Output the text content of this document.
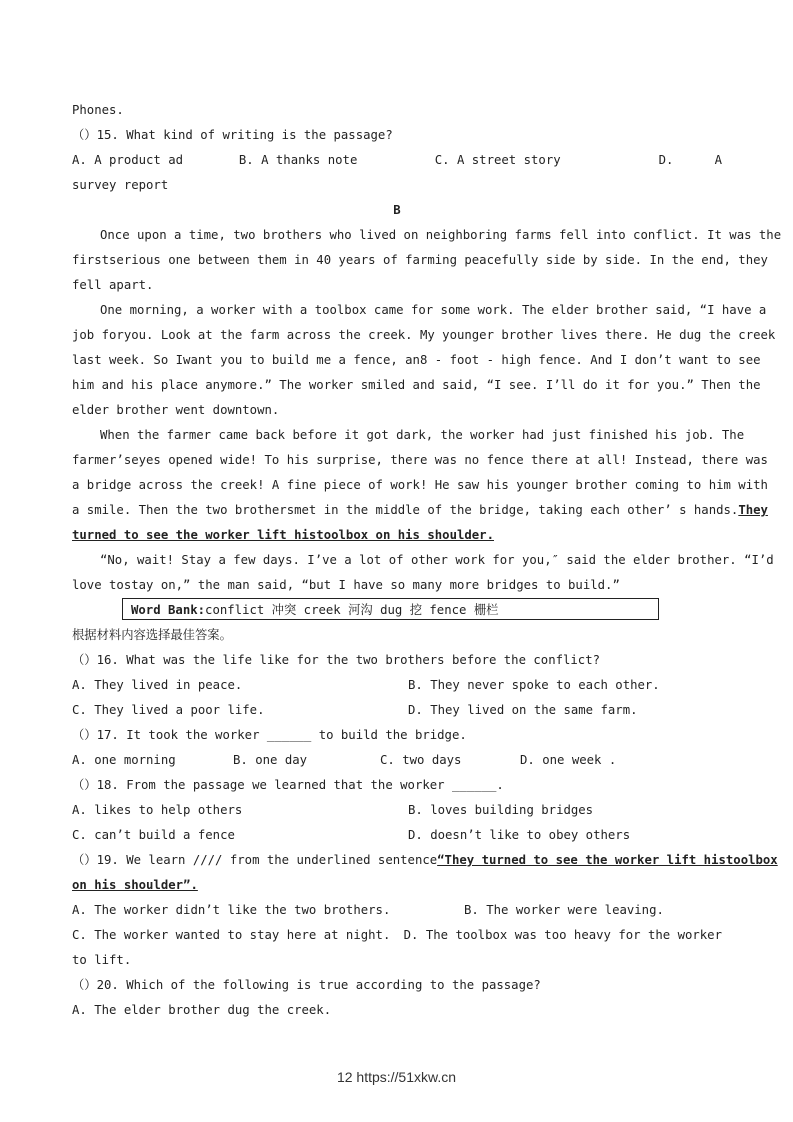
Phones.
（）15. What kind of writing is the passage?
A. A product ad	B. A thanks note	C. A street story	D.	A
survey report
B
Once upon a time, two brothers who lived on neighboring farms fell into conflict. It was the
firstserious one between them in 40 years of farming peacefully side by side. In the end, they
fell apart.
One morning, a worker with a toolbox came for some work. The elder brother said, “I have a
job foryou. Look at the farm across the creek. My younger brother lives there. He dug the creek
last week. So Iwant you to build me a fence, an8 - foot - high fence. And I don’t want to see
him and his place anymore.” The worker smiled and said, “I see. I’ll do it for you.” Then the
elder brother went downtown.
When the farmer came back before it got dark, the worker had just finished his job. The
farmer’seyes opened wide! To his surprise, there was no fence there at all! Instead, there was
a bridge across the creek! A fine piece of work! He saw his younger brother coming to him with
a smile. Then the two brothersmet in the middle of the bridge, taking each other’ s hands. They
turned to see the worker lift histoolbox on his shoulder.
“No, wait! Stay a few days. I’ve a lot of other work for you,″ said the elder brother. “I’d
love tostay on,” the man said, “but I have so many more bridges to build.”
Word Bank:conflict 冲突 creek 河沟 dug 挖 fence 栅栏
根据材料内容选择最佳答案。
（）16. What was the life like for the two brothers before the conflict?
A. They lived in peace.	B. They never spoke to each other.
C. They lived a poor life.	D. They lived on the same farm.
（）17. It took the worker ______ to build the bridge.
A. one morning	B. one day	C. two days	D. one week .
（）18. From the passage we learned that the worker ______.
A. likes to help others	B. loves building bridges
C. can’t build a fence	D. doesn’t like to obey others
（）19. We learn //// from the underlined sentence “They turned to see the worker lift histoolbox
on his shoulder”.
A. The worker didn’t like the two brothers.	B. The worker were leaving.
C. The worker wanted to stay here at night. D. The toolbox was too heavy for the worker
to lift.
（）20. Which of the following is true according to the passage?
A. The elder brother dug the creek.
12 https://51xkw.cn
